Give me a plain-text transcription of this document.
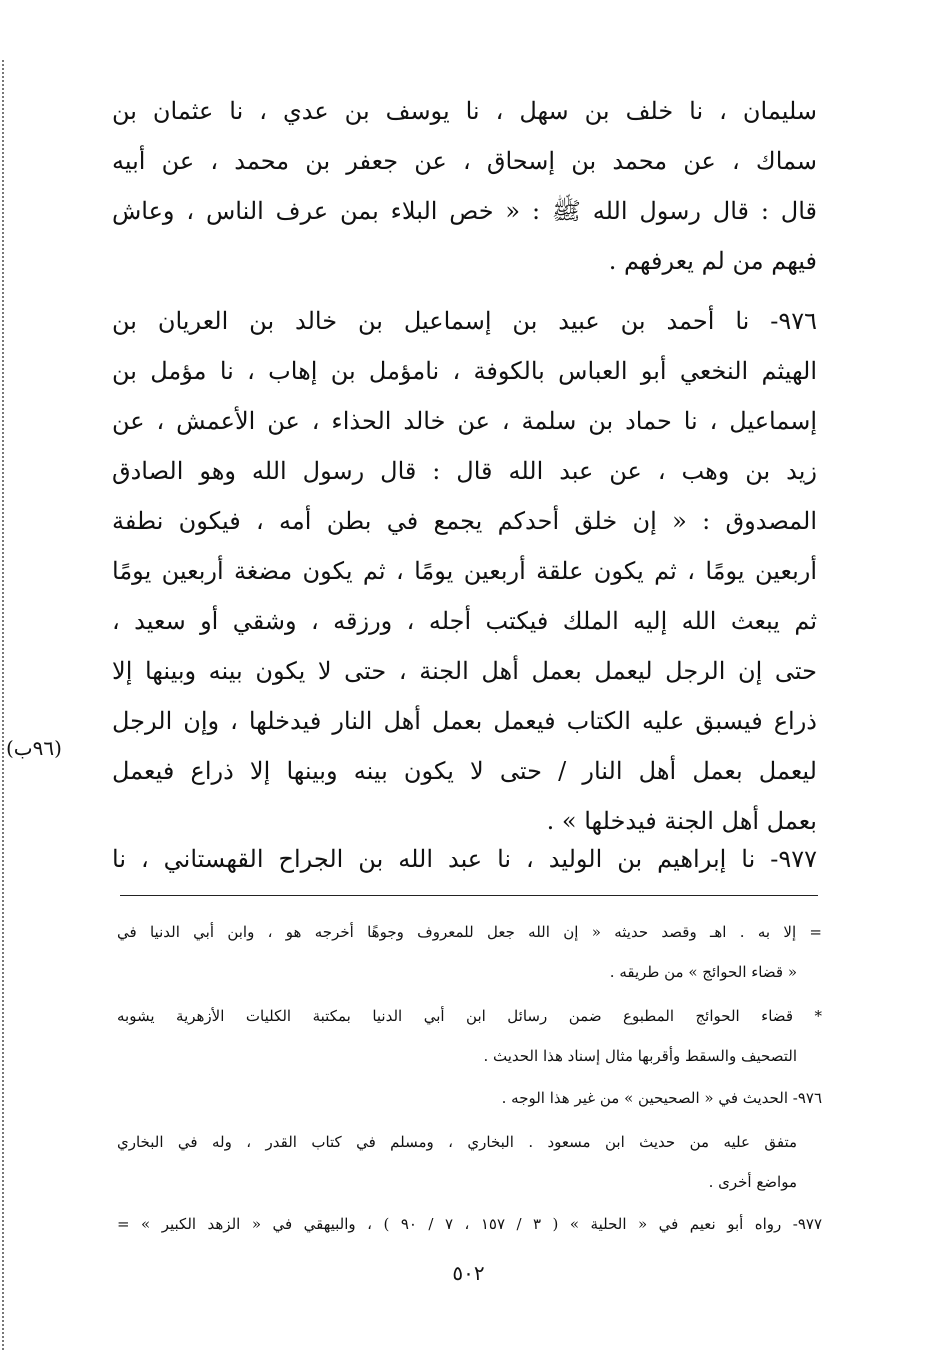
سليمان ، نا خلف بن سهل ، نا يوسف بن عدي ، نا عثمان بن
سماك ، عن محمد بن إسحاق ، عن جعفر بن محمد ، عن أبيه
قال : قال رسول الله ﷺ : « خص البلاء بمن عرف الناس ، وعاش
فيهم من لم يعرفهم .
٩٧٦- نا أحمد بن عبيد بن إسماعيل بن خالد بن العريان بن
الهيثم النخعي أبو العباس بالكوفة ، نامؤمل بن إهاب ، نا مؤمل بن
إسماعيل ، نا حماد بن سلمة ، عن خالد الحذاء ، عن الأعمش ، عن
زيد بن وهب ، عن عبد الله قال : قال رسول الله وهو الصادق
المصدوق : « إن خلق أحدكم يجمع في بطن أمه ، فيكون نطفة
أربعين يومًا ، ثم يكون علقة أربعين يومًا ، ثم يكون مضغة أربعين يومًا
ثم يبعث الله إليه الملك فيكتب أجله ، ورزقه ، وشقي أو سعيد ،
حتى إن الرجل ليعمل بعمل أهل الجنة ، حتى لا يكون بينه وبينها إلا
ذراع فيسبق عليه الكتاب فيعمل بعمل أهل النار فيدخلها ، وإن الرجل
ليعمل بعمل أهل النار / حتى لا يكون بينه وبينها إلا ذراع فيعمل
بعمل أهل الجنة فيدخلها » .
٩٧٧- نا إبراهيم بن الوليد ، نا عبد الله بن الجراح القهستاني ، نا
(٩٦ب)
= إلا به . اهـ وقصد حديثه « إن الله جعل للمعروف وجوهًا أخرجه هو ، وابن أبي الدنيا في
« قضاء الحوائج » من طريقه .
* قضاء الحوائج المطبوع ضمن رسائل ابن أبي الدنيا بمكتبة الكليات الأزهرية يشوبه
التصحيف والسقط وأقربها مثال إسناد هذا الحديث .
٩٧٦- الحديث في « الصحيحين » من غير هذا الوجه .
متفق عليه من حديث ابن مسعود . البخاري ، ومسلم في كتاب القدر ، وله في البخاري
مواضع أخرى .
٩٧٧- رواه أبو نعيم في « الحلية » ( ٣ / ١٥٧ ، ٧ / ٩٠ ) ، والبيهقي في « الزهد الكبير » =
٥٠٢
